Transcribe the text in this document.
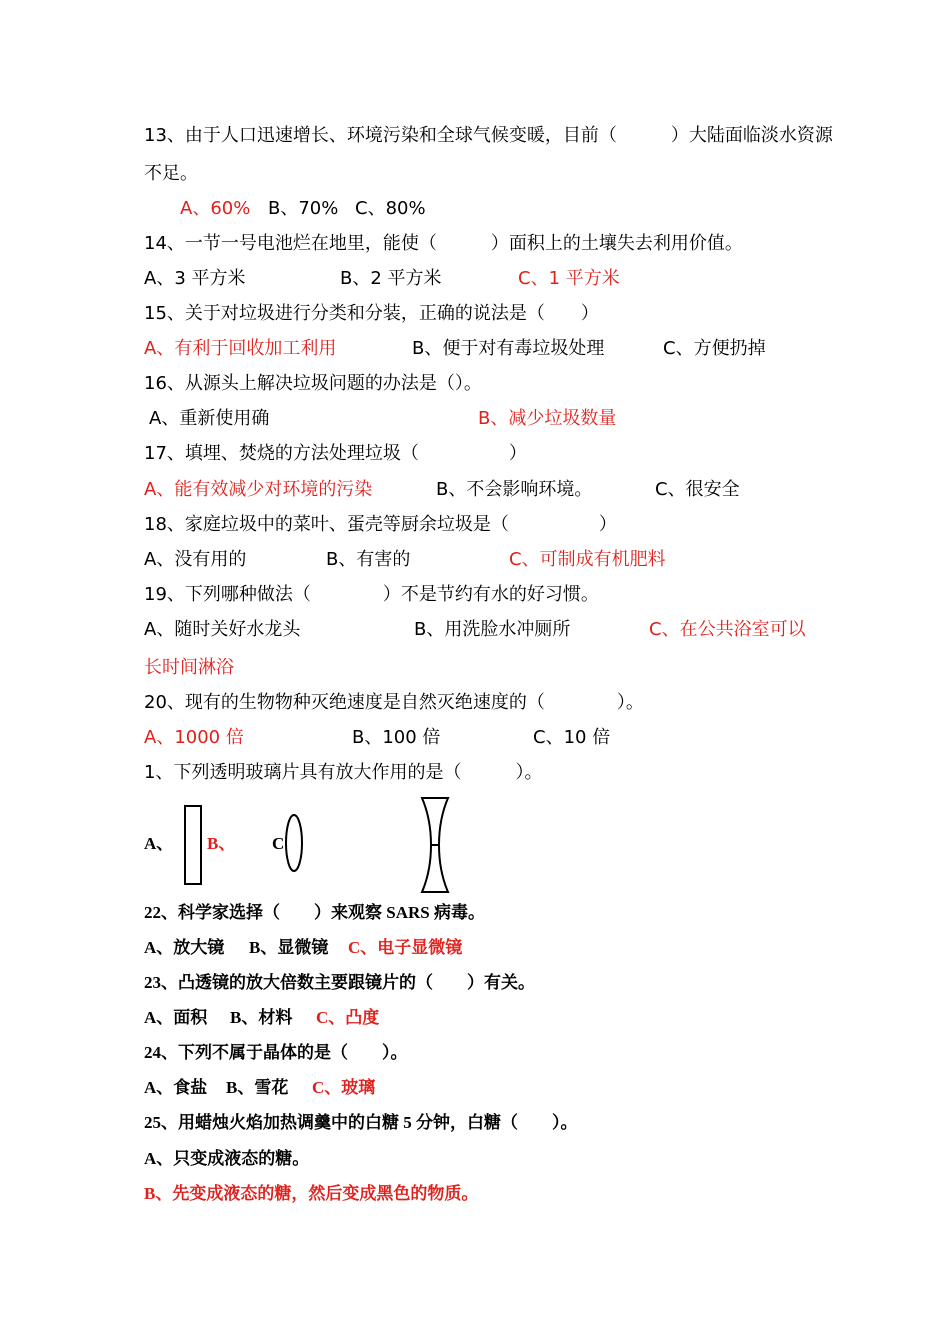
13、由于人口迅速增长、环境污染和全球气候变暖，目前（　　　）大陆面临淡水资源
不足。
A、60% B、70% C、80%
14、一节一号电池烂在地里，能使（　　　）面积上的土壤失去利用价值。
A、3 平方米	B、2 平方米	C、1 平方米
15、关于对垃圾进行分类和分装，正确的说法是（　　）
A、有利于回收加工利用	B、便于对有毒垃圾处理	C、方便扔掉
16、从源头上解决垃圾问题的办法是（）。
A、重新使用确	B、减少垃圾数量
17、填埋、焚烧的方法处理垃圾（　　　　　）
A、能有效减少对环境的污染	B、不会影响环境。	C、很安全
18、家庭垃圾中的菜叶、蛋壳等厨余垃圾是（　　　　　）
A、没有用的	B、有害的	C、可制成有机肥料
19、下列哪种做法（　　　　）不是节约有水的好习惯。
A、随时关好水龙头	B、用洗脸水冲厕所	C、在公共浴室可以
长时间淋浴
20、现有的生物物种灭绝速度是自然灭绝速度的（　　　　）。
A、1000 倍	B、100 倍	C、10 倍
1、下列透明玻璃片具有放大作用的是（　　　）。
A、 B、 C
22、科学家选择（　　）来观察 SARS 病毒。
A、放大镜 B、显微镜 C、电子显微镜
23、凸透镜的放大倍数主要跟镜片的（　　）有关。
A、面积 B、材料 C、凸度
24、下列不属于晶体的是（　　）。
A、食盐 B、雪花 C、玻璃
25、用蜡烛火焰加热调羹中的白糖 5 分钟，白糖（　　）。
A、只变成液态的糖。
B、先变成液态的糖，然后变成黑色的物质。
